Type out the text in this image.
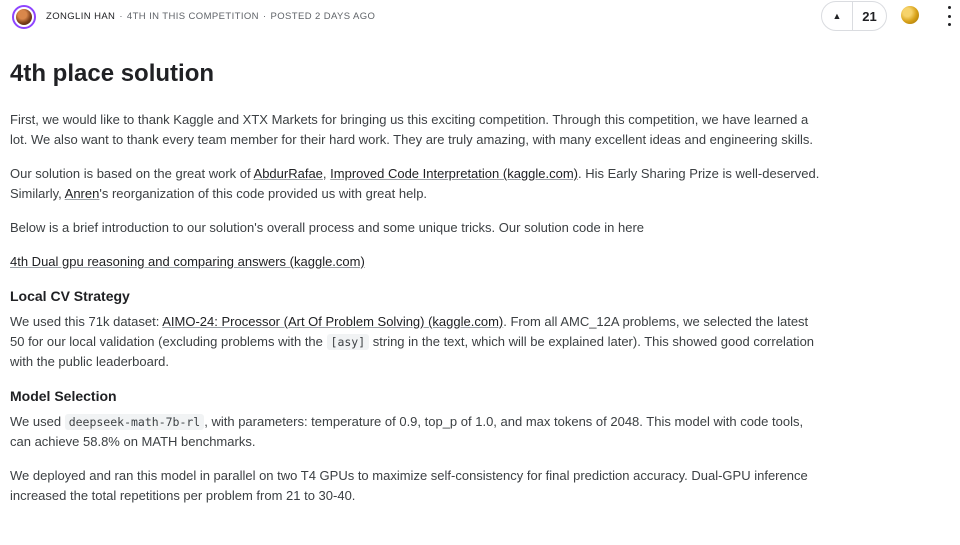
ZONGLIN HAN · 4TH IN THIS COMPETITION · POSTED 2 DAYS AGO	▲	21
4th place solution

First, we would like to thank Kaggle and XTX Markets for bringing us this exciting competition. Through this competition, we have learned a lot. We also want to thank every team member for their hard work. They are truly amazing, with many excellent ideas and engineering skills.

Our solution is based on the great work of AbdurRafae, Improved Code Interpretation (kaggle.com). His Early Sharing Prize is well-deserved. Similarly, Anren's reorganization of this code provided us with great help.

Below is a brief introduction to our solution's overall process and some unique tricks. Our solution code in here

4th Dual gpu reasoning and comparing answers (kaggle.com)

Local CV Strategy

We used this 71k dataset: AIMO-24: Processor (Art Of Problem Solving) (kaggle.com). From all AMC_12A problems, we selected the latest 50 for our local validation (excluding problems with the [asy] string in the text, which will be explained later). This showed good correlation with the public leaderboard.

Model Selection

We used deepseek-math-7b-rl , with parameters: temperature of 0.9, top_p of 1.0, and max tokens of 2048. This model with code tools, can achieve 58.8% on MATH benchmarks.

We deployed and ran this model in parallel on two T4 GPUs to maximize self-consistency for final prediction accuracy. Dual-GPU inference increased the total repetitions per problem from 21 to 30-40.
